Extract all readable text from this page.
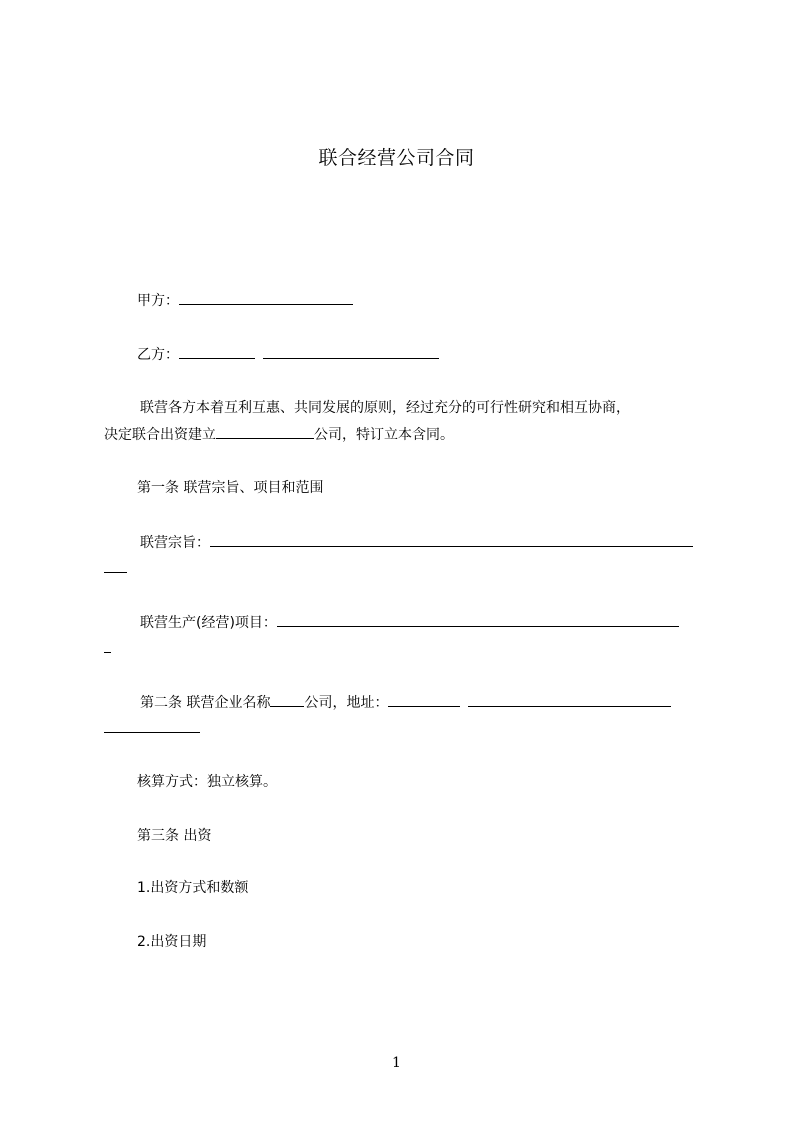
联合经营公司合同
甲方：
乙方：
联营各方本着互利互惠、共同发展的原则，经过充分的可行性研究和相互协商，
决定联合出资建立	公司，特订立本含同。
第一条 联营宗旨、项目和范围
联营宗旨：
联营生产(经营)项目：
第二条 联营企业名称 公司，地址：
核算方式：独立核算。
第三条 出资
1.出资方式和数额
2.出资日期
1
